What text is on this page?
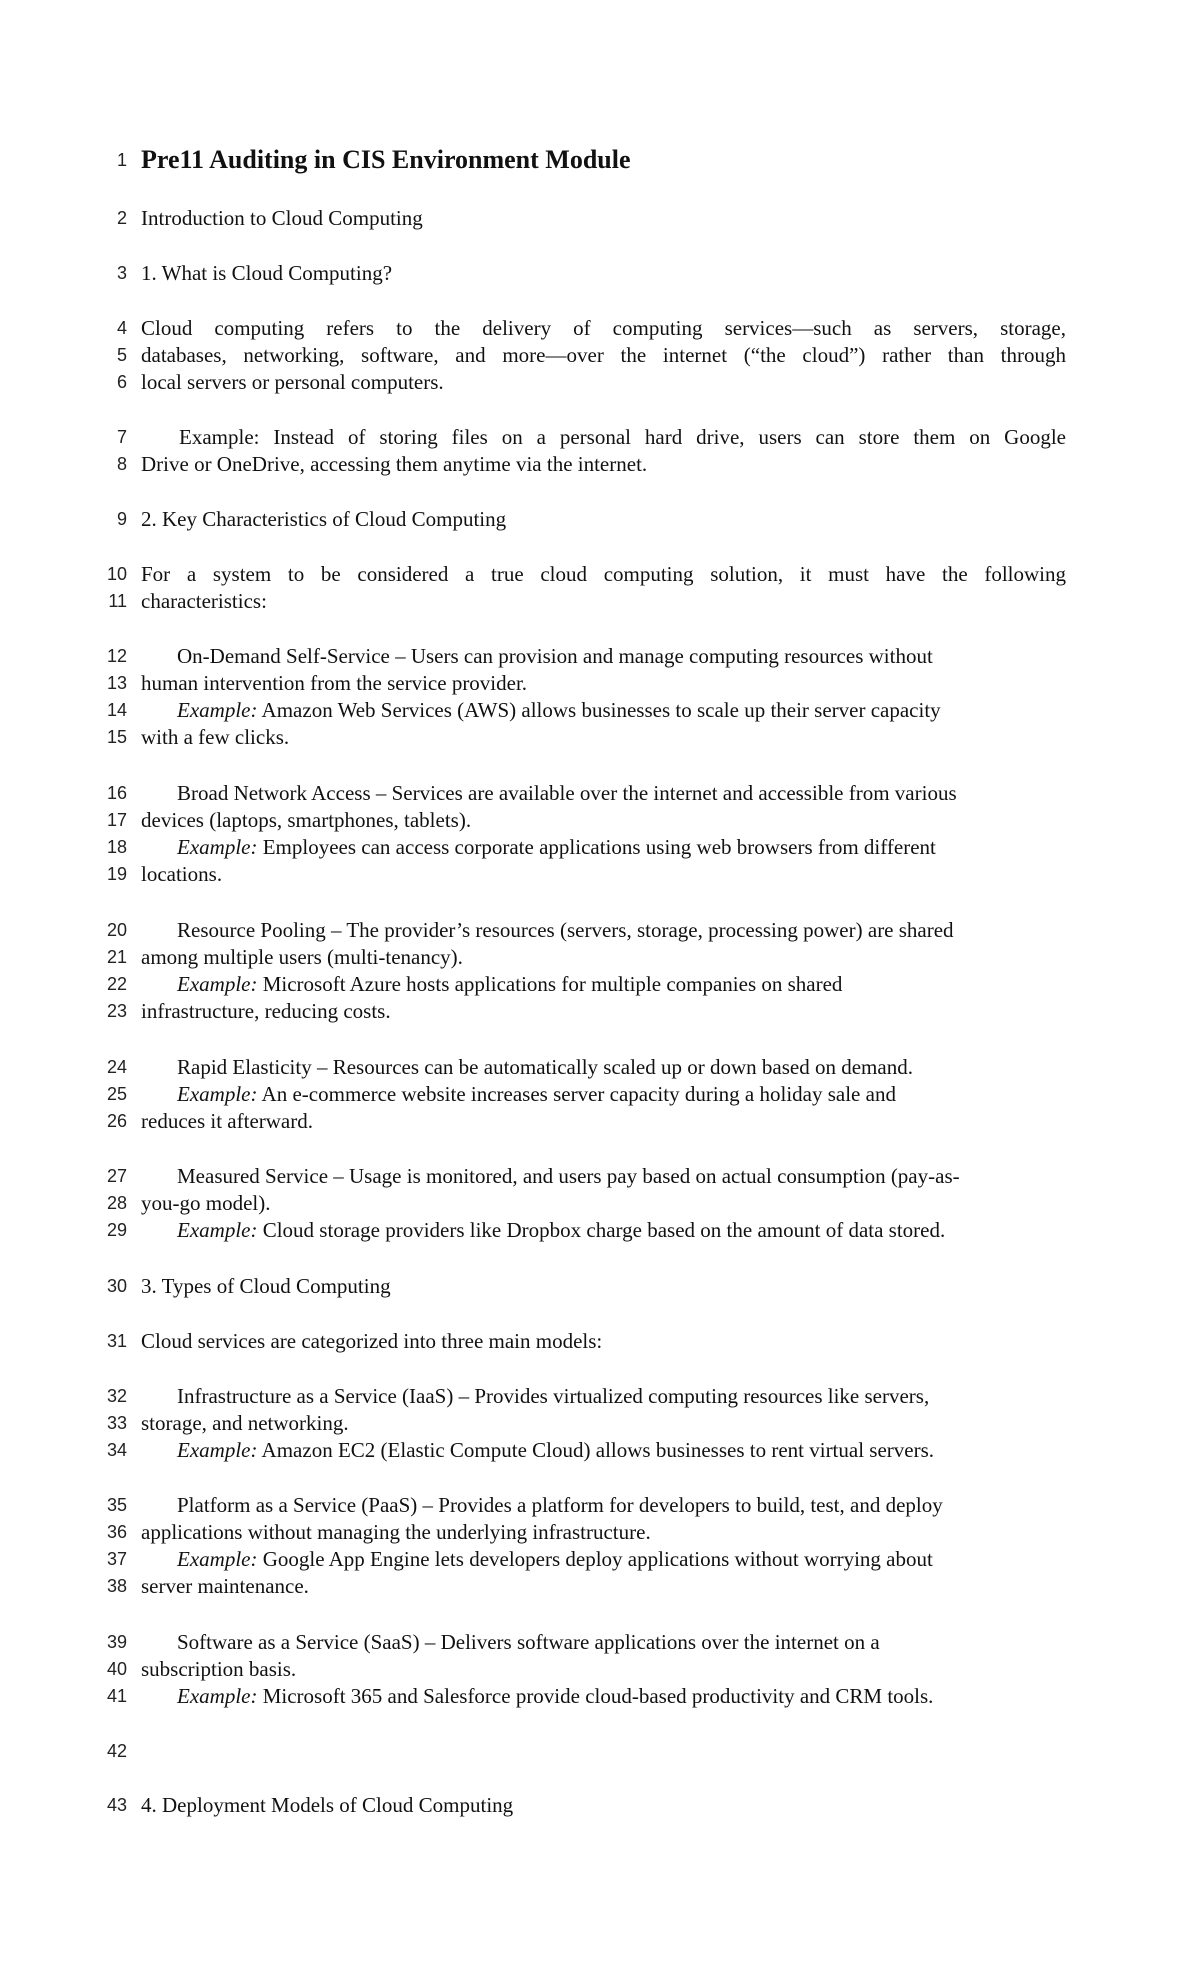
1 Pre11 Auditing in CIS Environment Module
2 Introduction to Cloud Computing
3 1. What is Cloud Computing?
4 Cloud computing refers to the delivery of computing services—such as servers, storage,
5 databases, networking, software, and more—over the internet (“the cloud”) rather than through
6 local servers or personal computers.
7	Example: Instead of storing files on a personal hard drive, users can store them on Google
8 Drive or OneDrive, accessing them anytime via the internet.
9 2. Key Characteristics of Cloud Computing
10 For a system to be considered a true cloud computing solution, it must have the following
11 characteristics:
12	On-Demand Self-Service – Users can provision and manage computing resources without
13 human intervention from the service provider.
14	Example: Amazon Web Services (AWS) allows businesses to scale up their server capacity
15 with a few clicks.
16	Broad Network Access – Services are available over the internet and accessible from various
17 devices (laptops, smartphones, tablets).
18	Example: Employees can access corporate applications using web browsers from different
19 locations.
20	Resource Pooling – The provider’s resources (servers, storage, processing power) are shared
21 among multiple users (multi-tenancy).
22	Example: Microsoft Azure hosts applications for multiple companies on shared
23 infrastructure, reducing costs.
24	Rapid Elasticity – Resources can be automatically scaled up or down based on demand.
25	Example: An e-commerce website increases server capacity during a holiday sale and
26 reduces it afterward.
27	Measured Service – Usage is monitored, and users pay based on actual consumption (pay-as-
28 you-go model).
29	Example: Cloud storage providers like Dropbox charge based on the amount of data stored.
30 3. Types of Cloud Computing
31 Cloud services are categorized into three main models:
32	Infrastructure as a Service (IaaS) – Provides virtualized computing resources like servers,
33 storage, and networking.
34	Example: Amazon EC2 (Elastic Compute Cloud) allows businesses to rent virtual servers.
35	Platform as a Service (PaaS) – Provides a platform for developers to build, test, and deploy
36 applications without managing the underlying infrastructure.
37	Example: Google App Engine lets developers deploy applications without worrying about
38 server maintenance.
39	Software as a Service (SaaS) – Delivers software applications over the internet on a
40 subscription basis.
41	Example: Microsoft 365 and Salesforce provide cloud-based productivity and CRM tools.
42
43 4. Deployment Models of Cloud Computing
